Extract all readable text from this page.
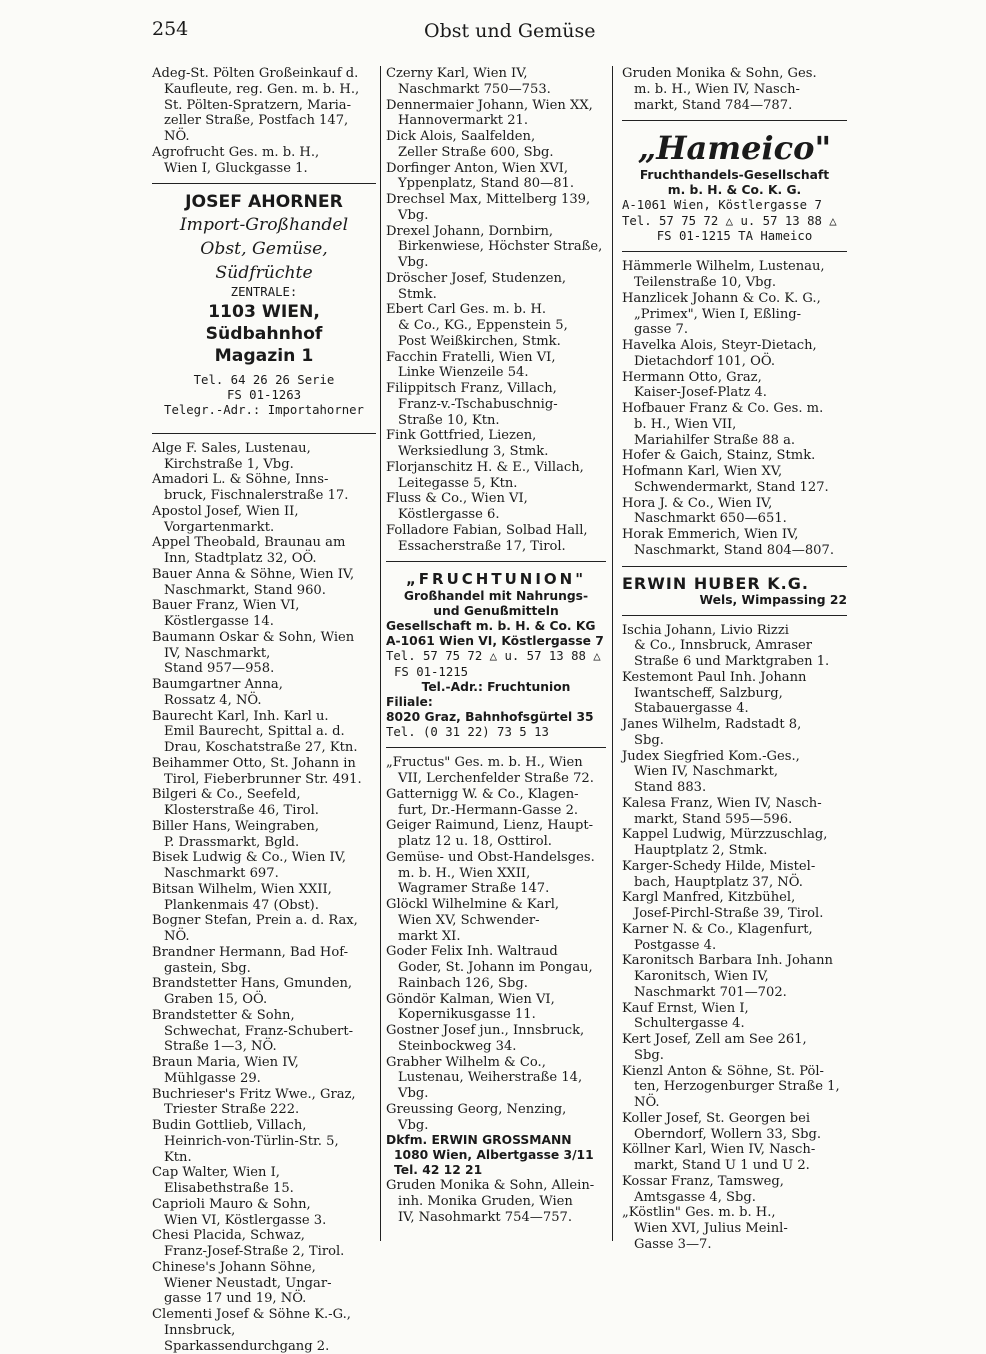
254	Obst und Gemüse
Adeg-St. Pölten Großeinkauf d.
Kaufleute, reg. Gen. m. b. H.,
St. Pölten-Spratzern, Maria-
zeller Straße, Postfach 147,
NÖ.
Agrofrucht Ges. m. b. H.,
Wien I, Gluckgasse 1.
JOSEF AHORNER
Import-Großhandel
Obst, Gemüse, Südfrüchte
ZENTRALE:
1103 WIEN, Südbahnhof
Magazin 1
Tel. 64 26 26 Serie
FS 01-1263
Telegr.-Adr.: Importahorner
Alge F. Sales, Lustenau,
Kirchstraße 1, Vbg.
Amadori L. & Söhne, Inns-
bruck, Fischnalerstraße 17.
Apostol Josef, Wien II,
Vorgartenmarkt.
Appel Theobald, Braunau am
Inn, Stadtplatz 32, OÖ.
Bauer Anna & Söhne, Wien IV,
Naschmarkt, Stand 960.
Bauer Franz, Wien VI,
Köstlergasse 14.
Baumann Oskar & Sohn, Wien
IV, Naschmarkt,
Stand 957—958.
Baumgartner Anna,
Rossatz 4, NÖ.
Baurecht Karl, Inh. Karl u.
Emil Baurecht, Spittal a. d.
Drau, Koschatstraße 27, Ktn.
Beihammer Otto, St. Johann in
Tirol, Fieberbrunner Str. 491.
Bilgeri & Co., Seefeld,
Klosterstraße 46, Tirol.
Biller Hans, Weingraben,
P. Drassmarkt, Bgld.
Bisek Ludwig & Co., Wien IV,
Naschmarkt 697.
Bitsan Wilhelm, Wien XXII,
Plankenmais 47 (Obst).
Bogner Stefan, Prein a. d. Rax,
NÖ.
Brandner Hermann, Bad Hof-
gastein, Sbg.
Brandstetter Hans, Gmunden,
Graben 15, OÖ.
Brandstetter & Sohn,
Schwechat, Franz-Schubert-
Straße 1—3, NÖ.
Braun Maria, Wien IV,
Mühlgasse 29.
Buchrieser's Fritz Wwe., Graz,
Triester Straße 222.
Budin Gottlieb, Villach,
Heinrich-von-Türlin-Str. 5,
Ktn.
Cap Walter, Wien I,
Elisabethstraße 15.
Caprioli Mauro & Sohn,
Wien VI, Köstlergasse 3.
Chesi Placida, Schwaz,
Franz-Josef-Straße 2, Tirol.
Chinese's Johann Söhne,
Wiener Neustadt, Ungar-
gasse 17 und 19, NÖ.
Clementi Josef & Söhne K.-G.,
Innsbruck,
Sparkassendurchgang 2.
Czerny Karl, Wien IV,
Naschmarkt 750—753.
Dennermaier Johann, Wien XX,
Hannovermarkt 21.
Dick Alois, Saalfelden,
Zeller Straße 600, Sbg.
Dorfinger Anton, Wien XVI,
Yppenplatz, Stand 80—81.
Drechsel Max, Mittelberg 139,
Vbg.
Drexel Johann, Dornbirn,
Birkenwiese, Höchster Straße,
Vbg.
Dröscher Josef, Studenzen,
Stmk.
Ebert Carl Ges. m. b. H.
& Co., KG., Eppenstein 5,
Post Weißkirchen, Stmk.
Facchin Fratelli, Wien VI,
Linke Wienzeile 54.
Filippitsch Franz, Villach,
Franz-v.-Tschabuschnig-
Straße 10, Ktn.
Fink Gottfried, Liezen,
Werksiedlung 3, Stmk.
Florjanschitz H. & E., Villach,
Leitegasse 5, Ktn.
Fluss & Co., Wien VI,
Köstlergasse 6.
Folladore Fabian, Solbad Hall,
Essacherstraße 17, Tirol.
„FRUCHTUNION"
Großhandel mit Nahrungs-
und Genußmitteln
Gesellschaft m. b. H. & Co. KG
A-1061 Wien VI, Köstlergasse 7
Tel. 57 75 72 △ u. 57 13 88 △
FS 01-1215
Tel.-Adr.: Fruchtunion
Filiale:
8020 Graz, Bahnhofsgürtel 35
Tel. (0 31 22) 73 5 13
„Fructus" Ges. m. b. H., Wien
VII, Lerchenfelder Straße 72.
Gatternigg W. & Co., Klagen-
furt, Dr.-Hermann-Gasse 2.
Geiger Raimund, Lienz, Haupt-
platz 12 u. 18, Osttirol.
Gemüse- und Obst-Handelsges.
m. b. H., Wien XXII,
Wagramer Straße 147.
Glöckl Wilhelmine & Karl,
Wien XV, Schwender-
markt XI.
Goder Felix Inh. Waltraud
Goder, St. Johann im Pongau,
Rainbach 126, Sbg.
Göndör Kalman, Wien VI,
Kopernikusgasse 11.
Gostner Josef jun., Innsbruck,
Steinbockweg 34.
Grabher Wilhelm & Co.,
Lustenau, Weiherstraße 14,
Vbg.
Greussing Georg, Nenzing,
Vbg.
Dkfm. ERWIN GROSSMANN
1080 Wien, Albertgasse 3/11
Tel. 42 12 21
Gruden Monika & Sohn, Allein-
inh. Monika Gruden, Wien
IV, Nasohmarkt 754—757.
Gruden Monika & Sohn, Ges.
m. b. H., Wien IV, Nasch-
markt, Stand 784—787.
„Hameico"
Fruchthandels-Gesellschaft
m. b. H. & Co. K. G.
A-1061 Wien, Köstlergasse 7
Tel. 57 75 72 △ u. 57 13 88 △
FS 01-1215 TA Hameico
Hämmerle Wilhelm, Lustenau,
Teilenstraße 10, Vbg.
Hanzlicek Johann & Co. K. G.,
„Primex", Wien I, Eßling-
gasse 7.
Havelka Alois, Steyr-Dietach,
Dietachdorf 101, OÖ.
Hermann Otto, Graz,
Kaiser-Josef-Platz 4.
Hofbauer Franz & Co. Ges. m.
b. H., Wien VII,
Mariahilfer Straße 88 a.
Hofer & Gaich, Stainz, Stmk.
Hofmann Karl, Wien XV,
Schwendermarkt, Stand 127.
Hora J. & Co., Wien IV,
Naschmarkt 650—651.
Horak Emmerich, Wien IV,
Naschmarkt, Stand 804—807.
ERWIN HUBER K.G.
Wels, Wimpassing 22
Ischia Johann, Livio Rizzi
& Co., Innsbruck, Amraser
Straße 6 und Marktgraben 1.
Kestemont Paul Inh. Johann
Iwantscheff, Salzburg,
Stabauergasse 4.
Janes Wilhelm, Radstadt 8,
Sbg.
Judex Siegfried Kom.-Ges.,
Wien IV, Naschmarkt,
Stand 883.
Kalesa Franz, Wien IV, Nasch-
markt, Stand 595—596.
Kappel Ludwig, Mürzzuschlag,
Hauptplatz 2, Stmk.
Karger-Schedy Hilde, Mistel-
bach, Hauptplatz 37, NÖ.
Kargl Manfred, Kitzbühel,
Josef-Pirchl-Straße 39, Tirol.
Karner N. & Co., Klagenfurt,
Postgasse 4.
Karonitsch Barbara Inh. Johann
Karonitsch, Wien IV,
Naschmarkt 701—702.
Kauf Ernst, Wien I,
Schultergasse 4.
Kert Josef, Zell am See 261,
Sbg.
Kienzl Anton & Söhne, St. Pöl-
ten, Herzogenburger Straße 1,
NÖ.
Koller Josef, St. Georgen bei
Oberndorf, Wollern 33, Sbg.
Köllner Karl, Wien IV, Nasch-
markt, Stand U 1 und U 2.
Kossar Franz, Tamsweg,
Amtsgasse 4, Sbg.
„Köstlin" Ges. m. b. H.,
Wien XVI, Julius Meinl-
Gasse 3—7.
